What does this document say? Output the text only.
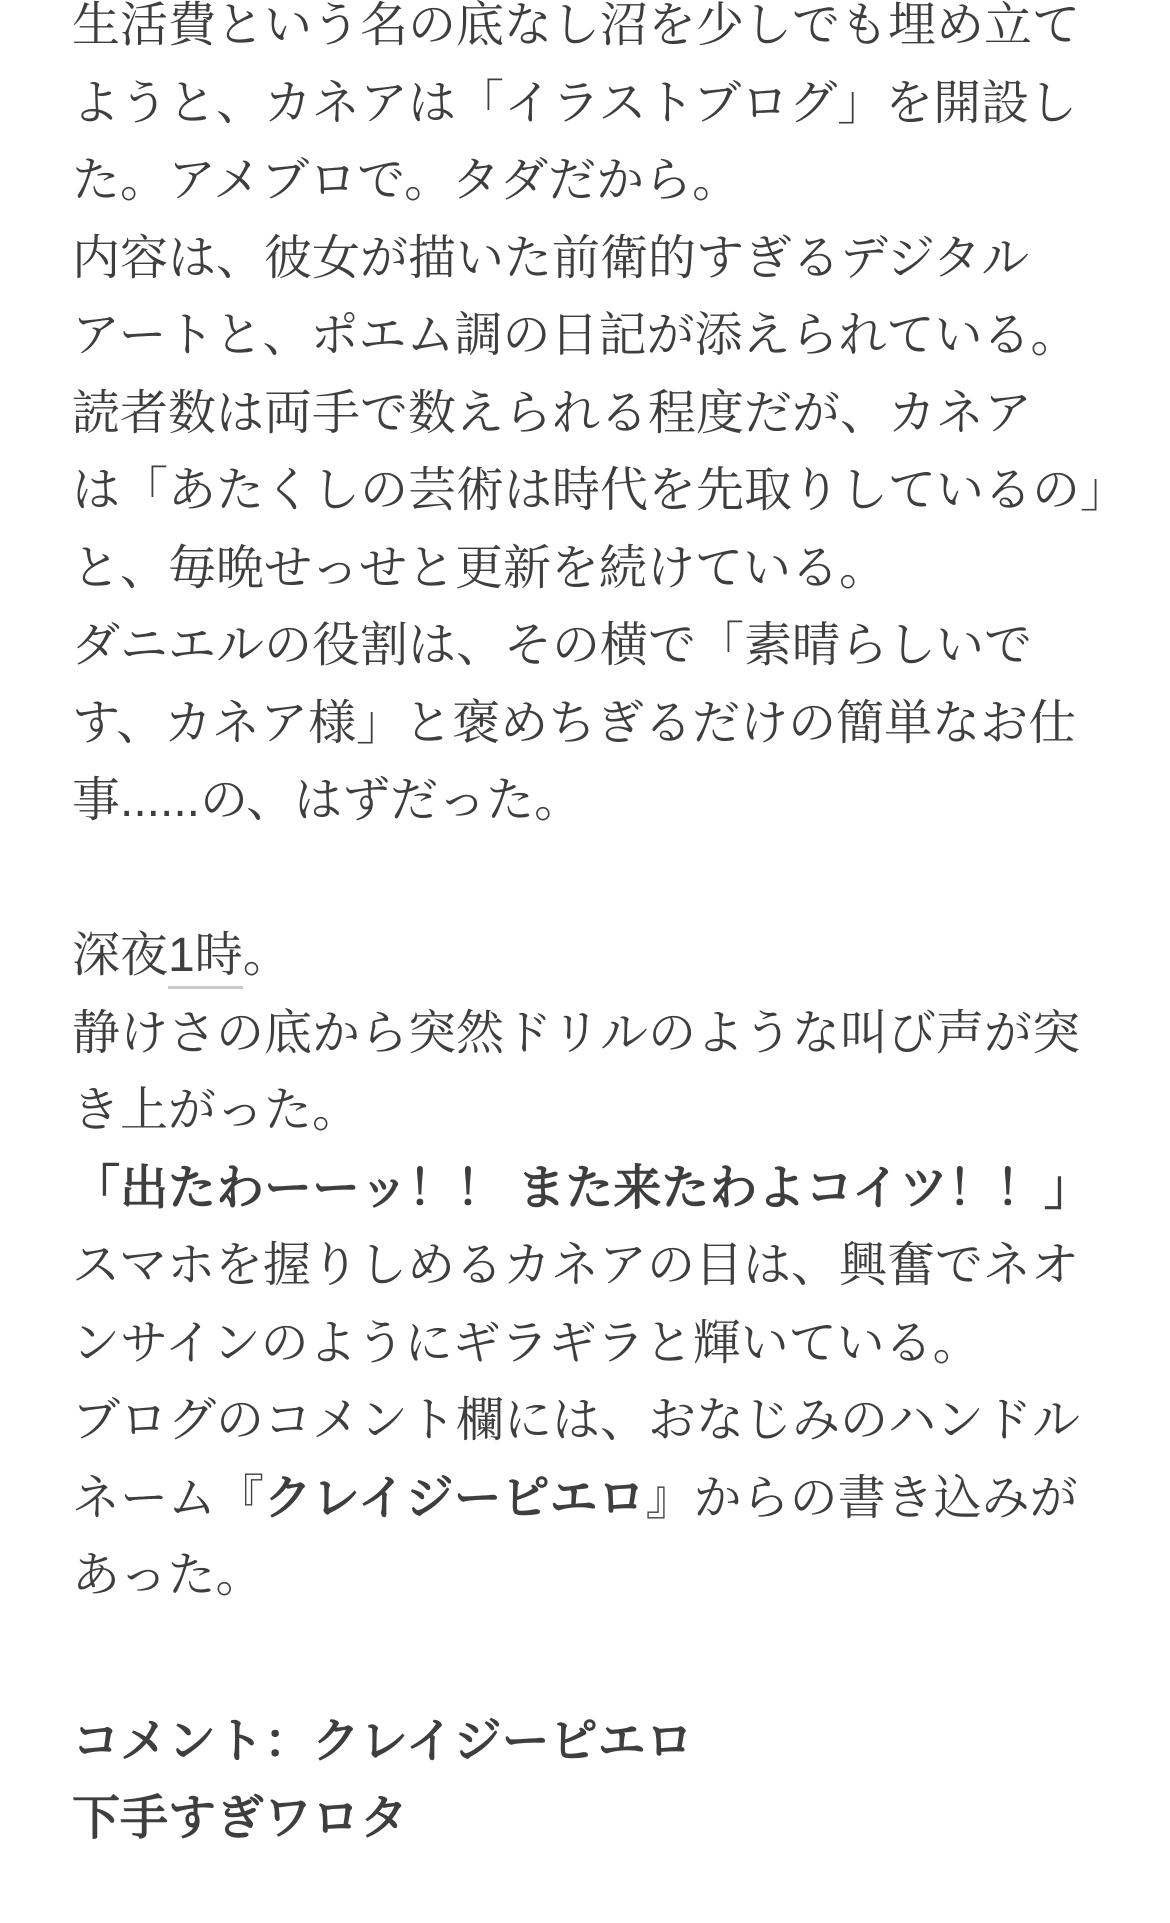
生活費という名の底なし沼を少しでも埋め立て
ようと、カネアは「イラストブログ」を開設し
た。アメブロで。タダだから。
内容は、彼女が描いた前衛的すぎるデジタル
アートと、ポエム調の日記が添えられている。
読者数は両手で数えられる程度だが、カネア
は「あたくしの芸術は時代を先取りしているの」
と、毎晩せっせと更新を続けている。
ダニエルの役割は、その横で「素晴らしいで
す、カネア様」と褒めちぎるだけの簡単なお仕
事......の、はずだった。
深夜1時。
静けさの底から突然ドリルのような叫び声が突
き上がった。
「出たわーーッ！！ また来たわよコイツ！！」
スマホを握りしめるカネアの目は、興奮でネオ
ンサインのようにギラギラと輝いている。
ブログのコメント欄には、おなじみのハンドル
ネーム『クレイジーピエロ』からの書き込みが
あった。
コメント：クレイジーピエロ
下手すぎワロタ
